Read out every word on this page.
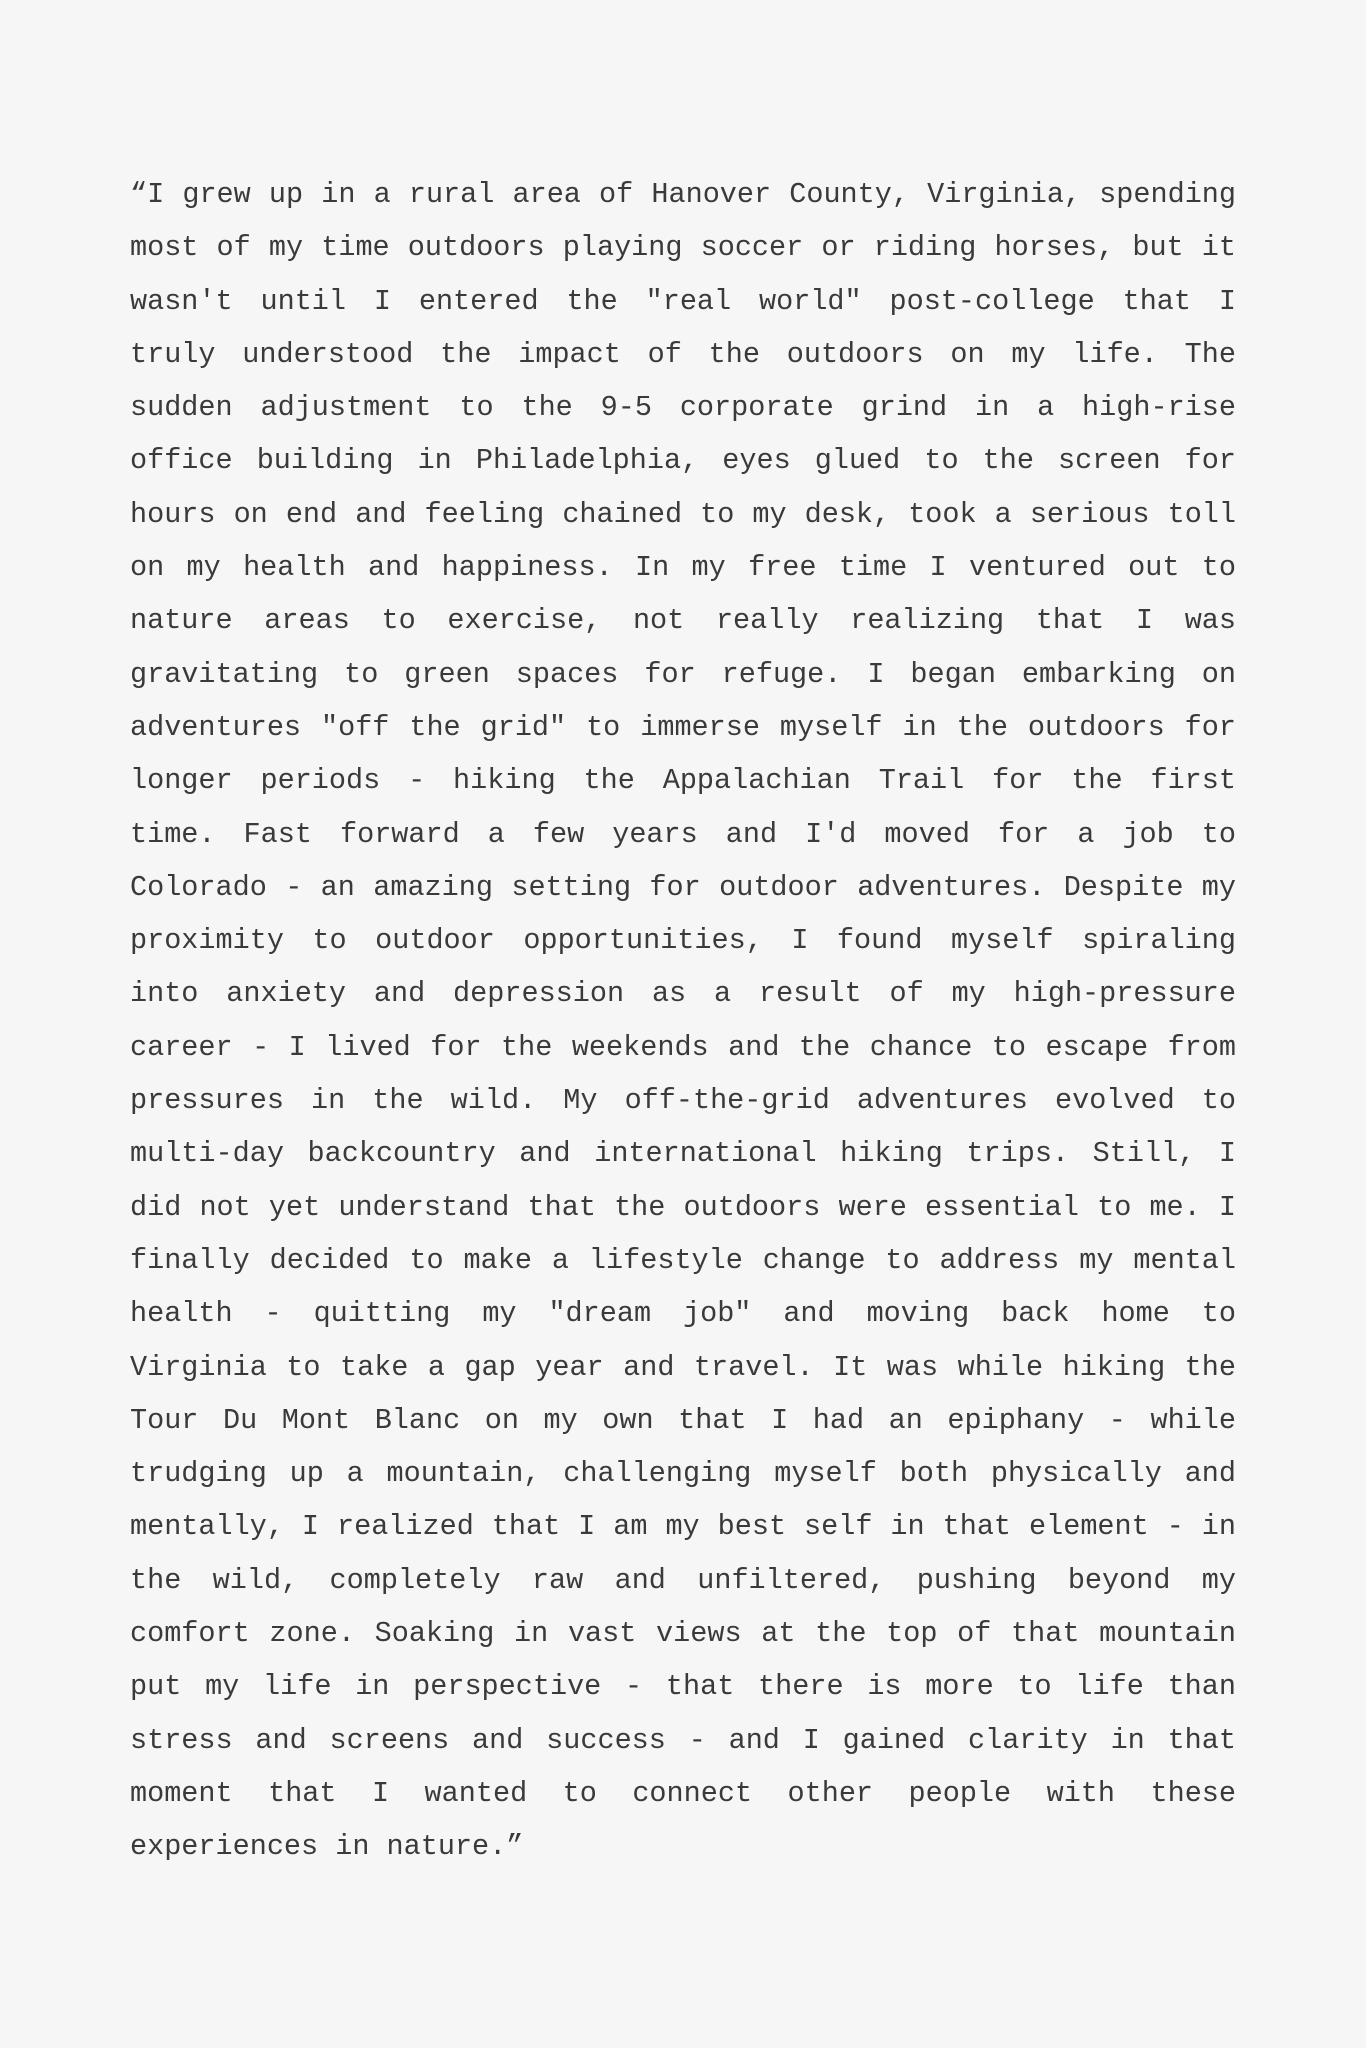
“I grew up in a rural area of Hanover County, Virginia, spending most of my time outdoors playing soccer or riding horses, but it wasn't until I entered the "real world" post-college that I truly understood the impact of the outdoors on my life. The sudden adjustment to the 9-5 corporate grind in a high-rise office building in Philadelphia, eyes glued to the screen for hours on end and feeling chained to my desk, took a serious toll on my health and happiness. In my free time I ventured out to nature areas to exercise, not really realizing that I was gravitating to green spaces for refuge. I began embarking on adventures "off the grid" to immerse myself in the outdoors for longer periods - hiking the Appalachian Trail for the first time. Fast forward a few years and I'd moved for a job to Colorado - an amazing setting for outdoor adventures. Despite my proximity to outdoor opportunities, I found myself spiraling into anxiety and depression as a result of my high-pressure career - I lived for the weekends and the chance to escape from pressures in the wild. My off-the-grid adventures evolved to multi-day backcountry and international hiking trips. Still, I did not yet understand that the outdoors were essential to me. I finally decided to make a lifestyle change to address my mental health - quitting my "dream job" and moving back home to Virginia to take a gap year and travel. It was while hiking the Tour Du Mont Blanc on my own that I had an epiphany - while trudging up a mountain, challenging myself both physically and mentally, I realized that I am my best self in that element - in the wild, completely raw and unfiltered, pushing beyond my comfort zone. Soaking in vast views at the top of that mountain put my life in perspective - that there is more to life than stress and screens and success - and I gained clarity in that moment that I wanted to connect other people with these experiences in nature.”
